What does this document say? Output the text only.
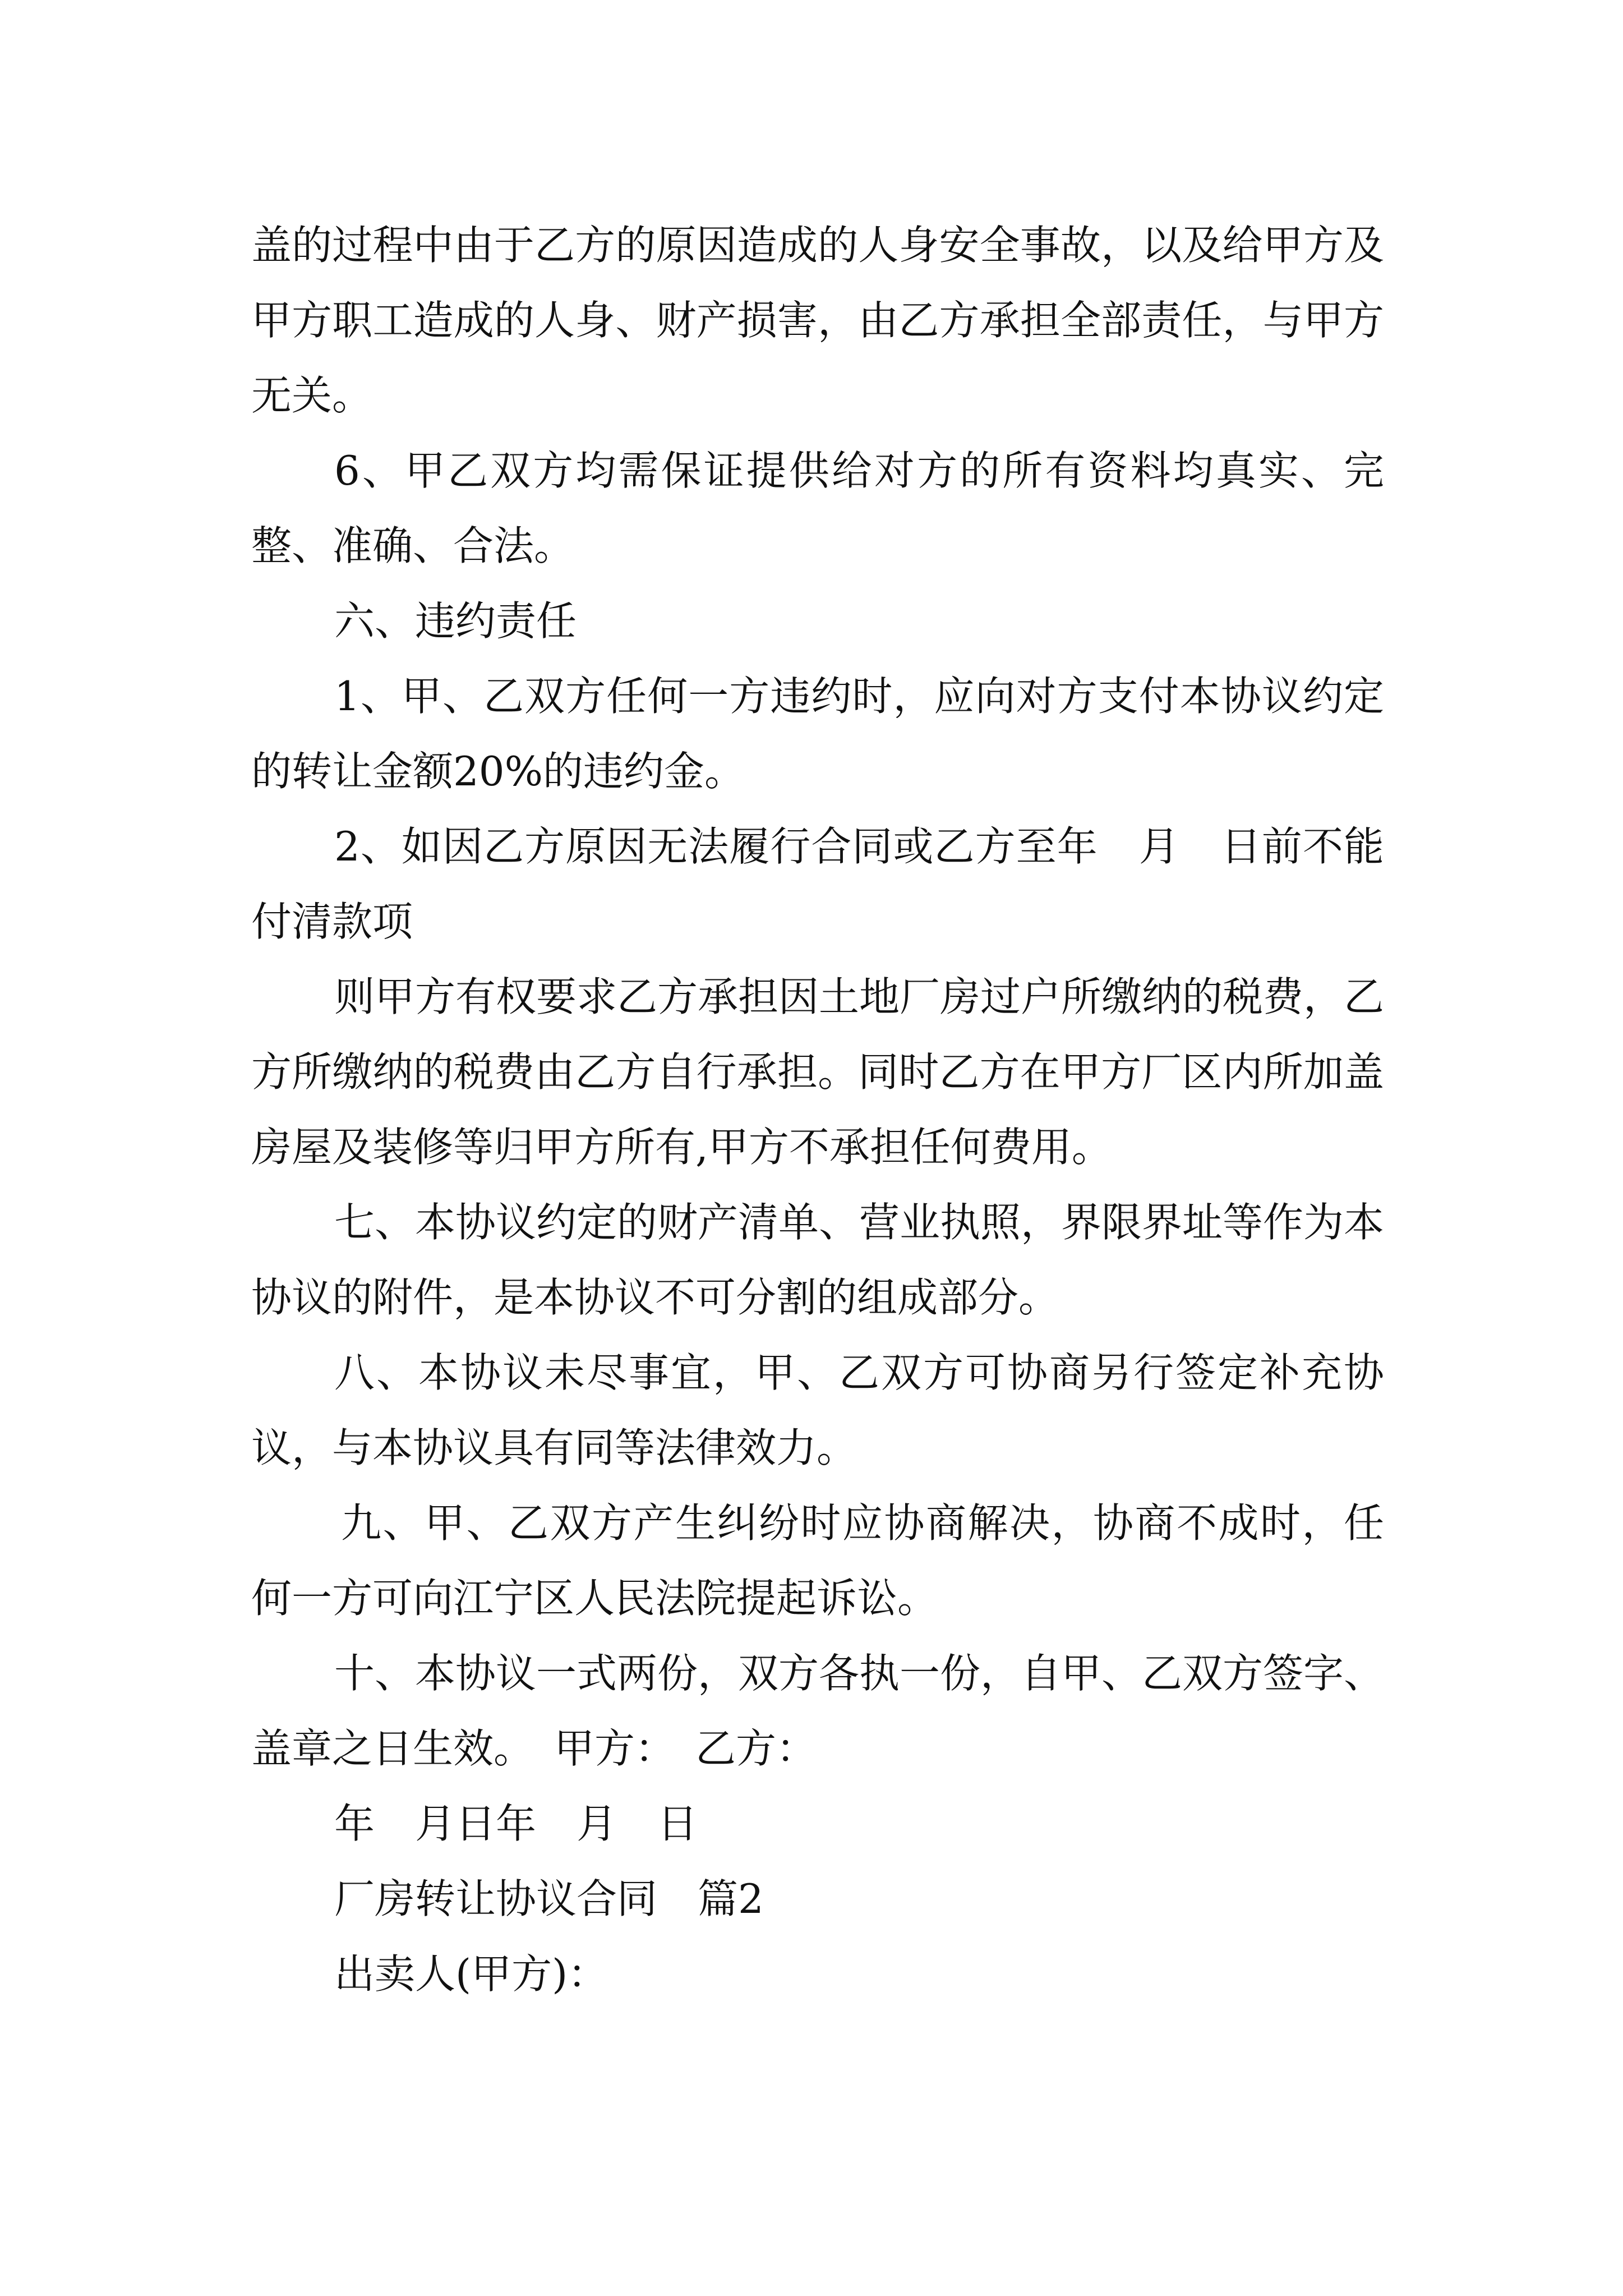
盖的过程中由于乙方的原因造成的人身安全事故，以及给甲方及甲方职工造成的人身、财产损害，由乙方承担全部责任，与甲方无关。

6、甲乙双方均需保证提供给对方的所有资料均真实、完整、准确、合法。

六、违约责任

1、甲、乙双方任何一方违约时，应向对方支付本协议约定的转让金额20%的违约金。

2、如因乙方原因无法履行合同或乙方至年　月　日前不能付清款项

则甲方有权要求乙方承担因土地厂房过户所缴纳的税费，乙方所缴纳的税费由乙方自行承担。同时乙方在甲方厂区内所加盖房屋及装修等归甲方所有,甲方不承担任何费用。

七、本协议约定的财产清单、营业执照，界限界址等作为本协议的附件，是本协议不可分割的组成部分。

八、本协议未尽事宜，甲、乙双方可协商另行签定补充协议，与本协议具有同等法律效力。

九、甲、乙双方产生纠纷时应协商解决，协商不成时，任何一方可向江宁区人民法院提起诉讼。

十、本协议一式两份，双方各执一份，自甲、乙双方签字、盖章之日生效。　甲方：　乙方：

年　月日年　月　日

厂房转让协议合同　篇2

出卖人(甲方)：
